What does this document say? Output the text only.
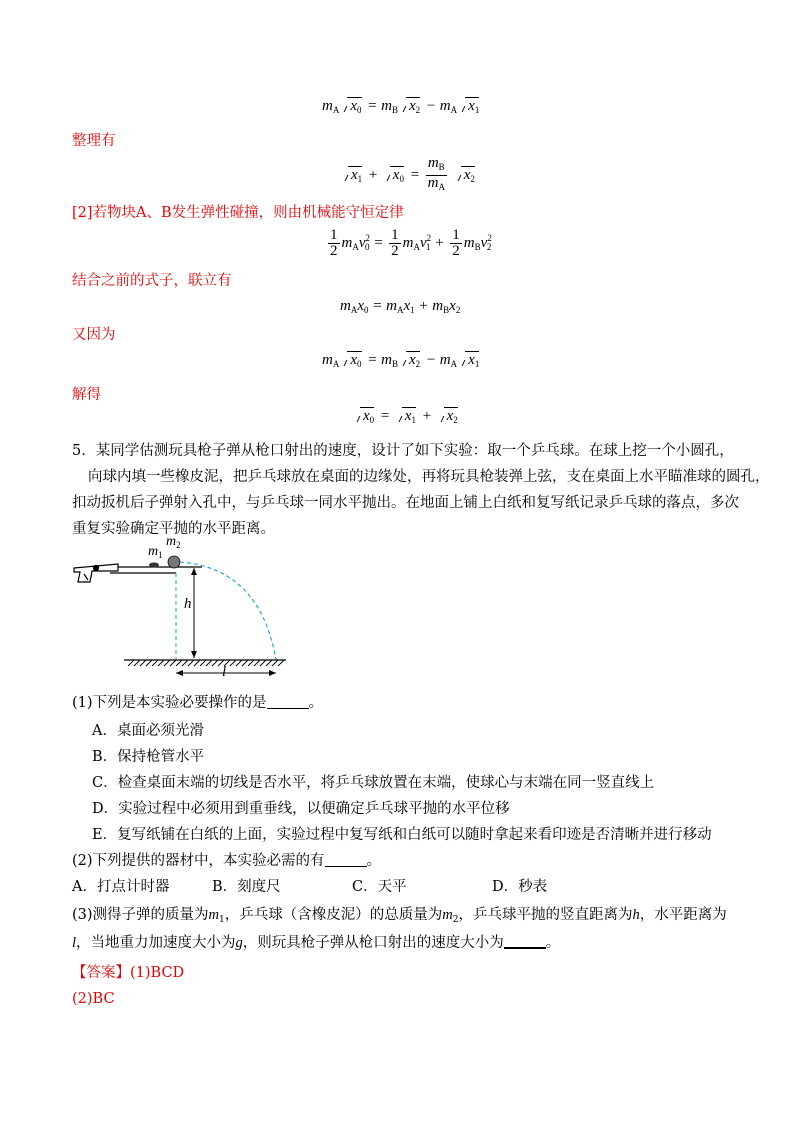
$m_A$ $x_0 = m_B$ $x_2 - m_A$ $x_1$
整理有
$x_1 + x_0 = \frac{m_B}{m_A} x_2$
[2]若物块A、B发生弹性碰撞，则由机械能守恒定律
$\frac{1}{2} m_Av^2_0 = \frac{1}{2} m_Av^2_1 + \frac{1}{2} m_Bv^2_2$
结合之前的式子，联立有
$m_Ax_0 = m_Ax_1 + m_Bx_2$
又因为
$m_A$ $x_0 = m_B$ $x_2 - m_A$ $x_1$
解得
$x_0 = x_1 + x_2$
5．某同学估测玩具枪子弹从枪口射出的速度，设计了如下实验：取一个乒乓球。在球上挖一个小圆孔，
向球内填一些橡皮泥，把乒乓球放在桌面的边缘处，再将玩具枪装弹上弦，支在桌面上水平瞄准球的圆孔，
扣动扳机后子弹射入孔中，与乒乓球一同水平抛出。在地面上铺上白纸和复写纸记录乒乓球的落点，多次
重复实验确定平抛的水平距离。
$m_1$
$m_2$
h
l
(1)下列是本实验必要操作的是	。
A．桌面必须光滑
B．保持枪管水平
C．检查桌面末端的切线是否水平，将乒乓球放置在末端，使球心与末端在同一竖直线上
D．实验过程中必须用到重垂线，以便确定乒乓球平抛的水平位移
E．复写纸铺在白纸的上面，实验过程中复写纸和白纸可以随时拿起来看印迹是否清晰并进行移动
(2)下列提供的器材中，本实验必需的有	。
A．打点计时器	B．刻度尺	C．天平	D．秒表
(3)测得子弹的质量为$m_1$，乒乓球（含橡皮泥）的总质量为$m_2$，乒乓球平抛的竖直距离为h，水平距离为
l，当地重力加速度大小为g，则玩具枪子弹从枪口射出的速度大小为	。
【答案】(1)BCD
(2)BC
